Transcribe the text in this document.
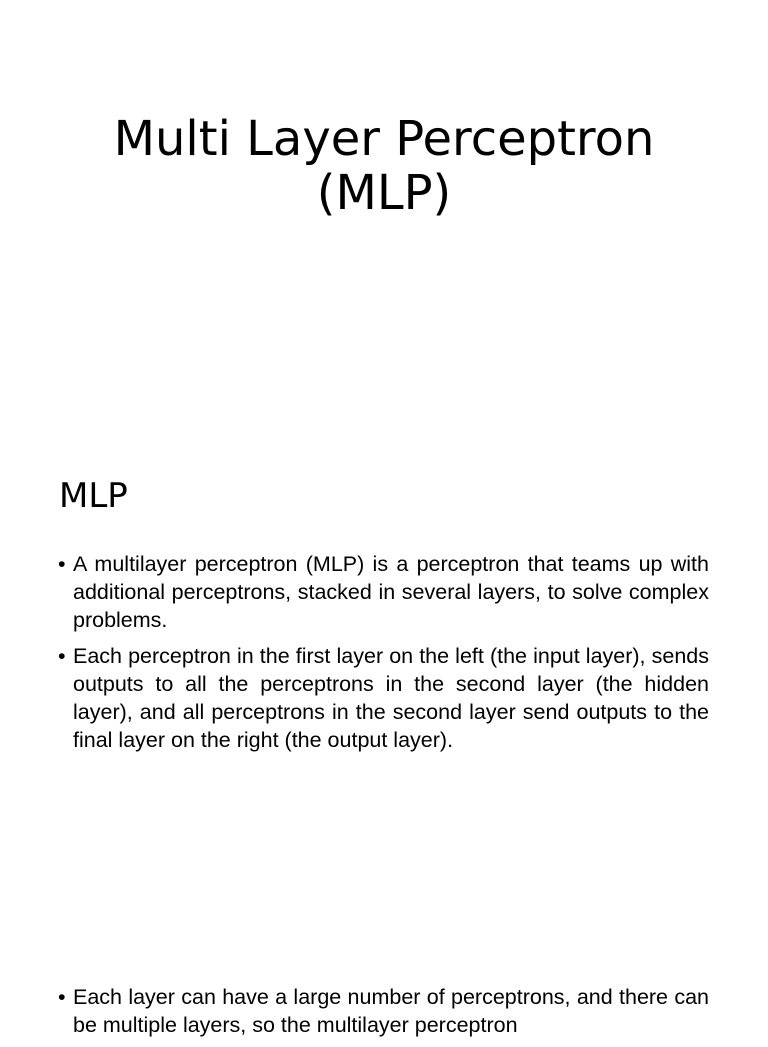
Multi Layer Perceptron
(MLP)
MLP
• A multilayer perceptron (MLP) is a perceptron that teams up with additional perceptrons, stacked in several layers, to solve complex problems.
• Each perceptron in the first layer on the left (the input layer), sends outputs to all the perceptrons in the second layer (the hidden layer), and all perceptrons in the second layer send outputs to the final layer on the right (the output layer).
• Each layer can have a large number of perceptrons, and there can be multiple layers, so the multilayer perceptron
